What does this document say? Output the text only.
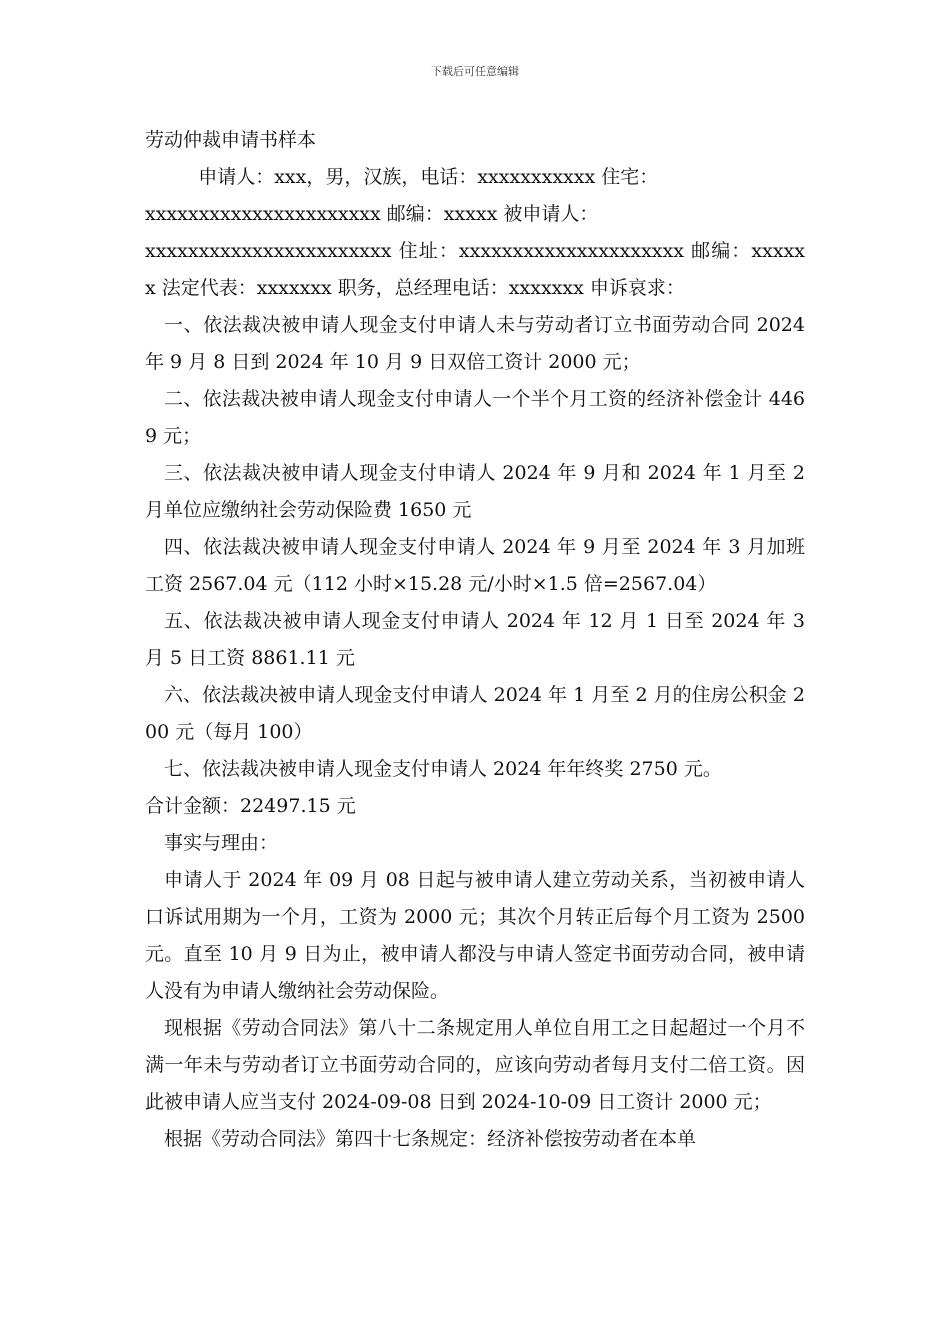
下载后可任意编辑

劳动仲裁申请书样本

申请人：xxx，男，汉族，电话：xxxxxxxxxxx 住宅：

xxxxxxxxxxxxxxxxxxxxxx 邮编：xxxxx 被申请人：

xxxxxxxxxxxxxxxxxxxxxxx 住址：xxxxxxxxxxxxxxxxxxxxx 邮编：xxxxxx 法定代表：xxxxxxx 职务，总经理电话：xxxxxxx 申诉哀求：

一、依法裁决被申请人现金支付申请人未与劳动者订立书面劳动合同 2024 年 9 月 8 日到 2024 年 10 月 9 日双倍工资计 2000 元；

二、依法裁决被申请人现金支付申请人一个半个月工资的经济补偿金计 4469 元；

三、依法裁决被申请人现金支付申请人 2024 年 9 月和 2024 年 1 月至 2 月单位应缴纳社会劳动保险费 1650 元

四、依法裁决被申请人现金支付申请人 2024 年 9 月至 2024 年 3 月加班工资 2567.04 元（112 小时×15.28 元/小时×1.5 倍=2567.04）

五、依法裁决被申请人现金支付申请人 2024 年 12 月 1 日至 2024 年 3 月 5 日工资 8861.11 元

六、依法裁决被申请人现金支付申请人 2024 年 1 月至 2 月的住房公积金 200 元（每月 100）

七、依法裁决被申请人现金支付申请人 2024 年年终奖 2750 元。

合计金额：22497.15 元

事实与理由：

申请人于 2024 年 09 月 08 日起与被申请人建立劳动关系，当初被申请人口诉试用期为一个月，工资为 2000 元；其次个月转正后每个月工资为 2500 元。直至 10 月 9 日为止，被申请人都没与申请人签定书面劳动合同，被申请人没有为申请人缴纳社会劳动保险。

现根据《劳动合同法》第八十二条规定用人单位自用工之日起超过一个月不满一年未与劳动者订立书面劳动合同的，应该向劳动者每月支付二倍工资。因此被申请人应当支付 2024-09-08 日到 2024-10-09 日工资计 2000 元；

根据《劳动合同法》第四十七条规定：经济补偿按劳动者在本单
